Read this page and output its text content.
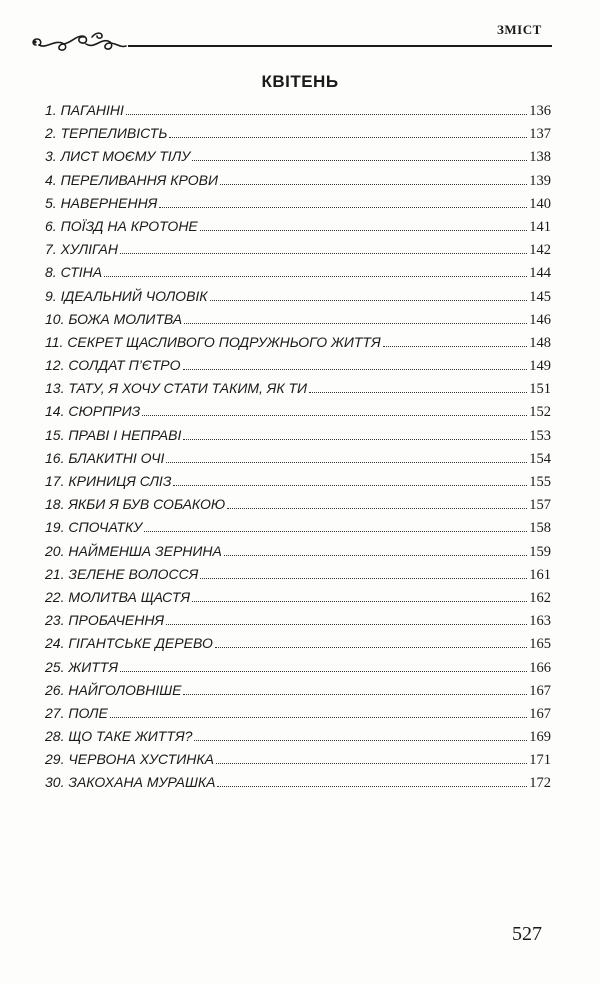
ЗМІСТ
КВІТЕНЬ
1. ПАГАНІНІ	136
2. ТЕРПЕЛИВІСТЬ	137
3. ЛИСТ МОЄМУ ТІЛУ	138
4. ПЕРЕЛИВАННЯ КРОВИ	139
5. НАВЕРНЕННЯ	140
6. ПОЇЗД НА КРОТОНЕ	141
7. ХУЛІГАН	142
8. СТІНА	144
9. ІДЕАЛЬНИЙ ЧОЛОВІК	145
10. БОЖА МОЛИТВА	146
11. СЕКРЕТ ЩАСЛИВОГО ПОДРУЖНЬОГО ЖИТТЯ	148
12. СОЛДАТ П’ЄТРО	149
13. ТАТУ, Я ХОЧУ СТАТИ ТАКИМ, ЯК ТИ	151
14. СЮРПРИЗ	152
15. ПРАВІ І НЕПРАВІ	153
16. БЛАКИТНІ ОЧІ	154
17. КРИНИЦЯ СЛІЗ	155
18. ЯКБИ Я БУВ СОБАКОЮ	157
19. СПОЧАТКУ	158
20. НАЙМЕНША ЗЕРНИНА	159
21. ЗЕЛЕНЕ ВОЛОССЯ	161
22. МОЛИТВА ЩАСТЯ	162
23. ПРОБАЧЕННЯ	163
24. ГІГАНТСЬКЕ ДЕРЕВО	165
25. ЖИТТЯ	166
26. НАЙГОЛОВНІШЕ	167
27. ПОЛЕ	167
28. ЩО ТАКЕ ЖИТТЯ?	169
29. ЧЕРВОНА ХУСТИНКА	171
30. ЗАКОХАНА МУРАШКА	172
527
